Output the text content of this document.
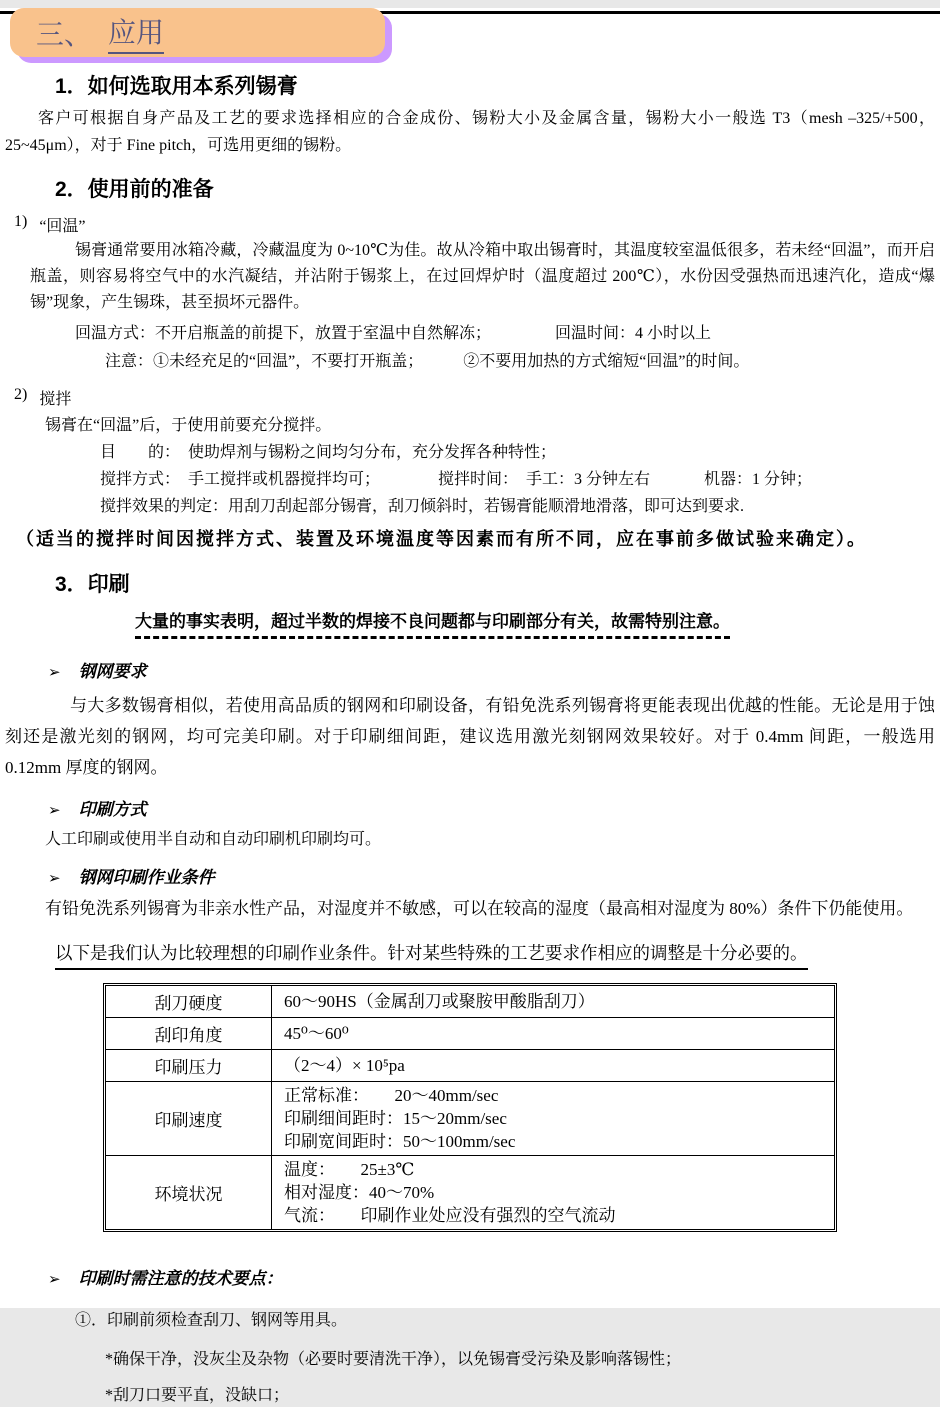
三、 应用
1．如何选取用本系列锡膏
客户可根据自身产品及工艺的要求选择相应的合金成份、锡粉大小及金属含量，锡粉大小一般选 T3（mesh –325/+500，25~45μm），对于 Fine pitch，可选用更细的锡粉。
2．使用前的准备
1) “回温”
锡膏通常要用冰箱冷藏，冷藏温度为 0~10℃为佳。故从冷箱中取出锡膏时，其温度较室温低很多，若未经“回温”，而开启瓶盖，则容易将空气中的水汽凝结，并沾附于锡浆上，在过回焊炉时（温度超过 200℃），水份因受强热而迅速汽化，造成“爆锡”现象，产生锡珠，甚至损坏元器件。
回温方式：不开启瓶盖的前提下，放置于室温中自然解冻；	回温时间：4 小时以上
注意：①未经充足的“回温”，不要打开瓶盖；	②不要用加热的方式缩短“回温”的时间。
2) 搅拌
锡膏在“回温”后，于使用前要充分搅拌。
目　　的：　使助焊剂与锡粉之间均匀分布，充分发挥各种特性；
搅拌方式：　手工搅拌或机器搅拌均可；	搅拌时间：　手工：3 分钟左右	机器：1 分钟；
搅拌效果的判定：用刮刀刮起部分锡膏，刮刀倾斜时，若锡膏能顺滑地滑落，即可达到要求.
（适当的搅拌时间因搅拌方式、装置及环境温度等因素而有所不同，应在事前多做试验来确定）。
3．印刷
大量的事实表明，超过半数的焊接不良问题都与印刷部分有关，故需特别注意。
➢ 钢网要求
与大多数锡膏相似，若使用高品质的钢网和印刷设备，有铅免洗系列锡膏将更能表现出优越的性能。无论是用于蚀刻还是激光刻的钢网，均可完美印刷。对于印刷细间距，建议选用激光刻钢网效果较好。对于 0.4mm 间距，一般选用 0.12mm 厚度的钢网。
➢ 印刷方式
人工印刷或使用半自动和自动印刷机印刷均可。
➢ 钢网印刷作业条件
有铅免洗系列锡膏为非亲水性产品，对湿度并不敏感，可以在较高的湿度（最高相对湿度为 80%）条件下仍能使用。
以下是我们认为比较理想的印刷作业条件。针对某些特殊的工艺要求作相应的调整是十分必要的。
刮刀硬度	60～90HS（金属刮刀或聚胺甲酸脂刮刀）

刮印角度	45⁰～60⁰

印刷压力	（2～4）× 10⁵pa

印刷速度	正常标准：　　20～40mm/sec
印刷细间距时：15～20mm/sec
印刷宽间距时：50～100mm/sec

环境状况	温度：　　25±3℃
相对湿度：40～70%
气流：　　印刷作业处应没有强烈的空气流动
➢ 印刷时需注意的技术要点：
①．印刷前须检查刮刀、钢网等用具。
*确保干净，没灰尘及杂物（必要时要清洗干净），以免锡膏受污染及影响落锡性；
*刮刀口要平直，没缺口；
